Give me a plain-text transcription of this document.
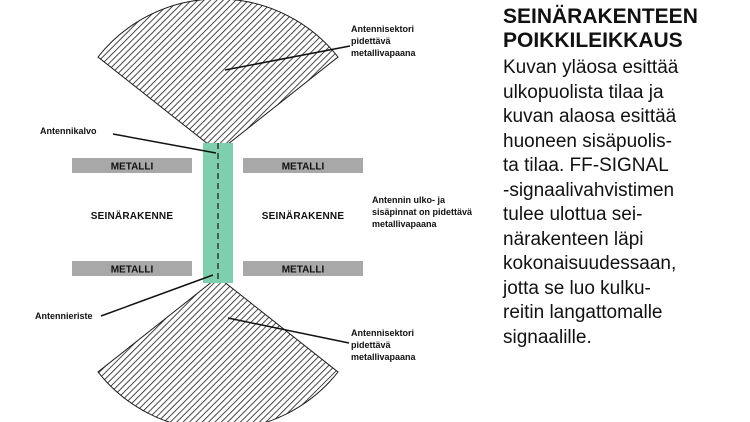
METALLI	METALLI
METALLI	METALLI
SEINÄRAKENNE	SEINÄRAKENNE
Antennisektori pidettävä metallivapaana
Antennikalvo
Antennieriste
Antennin ulko- ja sisäpinnat on pidettävä metallivapaana
Antennisektori pidettävä metallivapaana
SEINÄRAKENTEEN
POIKKILEIKKAUS

Kuvan yläosa esittää
ulkopuolista tilaa ja
kuvan alaosa esittää
huoneen sisäpuolis-
ta tilaa. FF-SIGNAL
-signaalivahvistimen
tulee ulottua sei-
närakenteen läpi
kokonaisuudessaan,
jotta se luo kulku-
reitin langattomalle
signaalille.
